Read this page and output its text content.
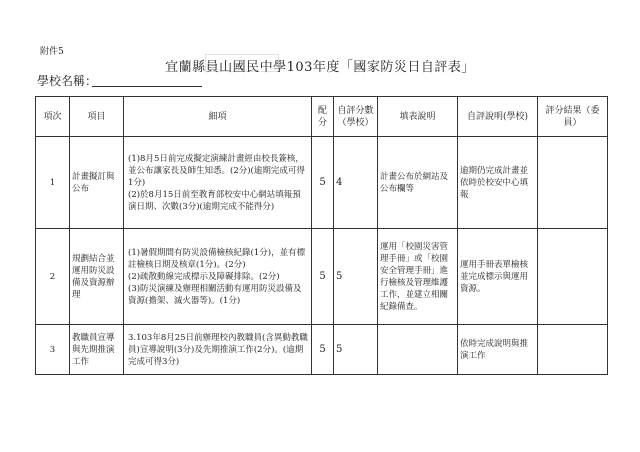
附件5
宜蘭縣員山國民中學103年度「國家防災日自評表」
學校名稱：
項次	項目	細項	配分	自評分數（學校）	填表說明	自評說明(學校)	評分結果（委員）
1	計畫擬訂與公布	(1)8月5日前完成擬定演練計畫經由校長簽核，並公布讓家長及師生知悉。(2分)(逾期完成可得1分)
(2)於8月15日前至教育部校安中心網站填報預演日期、次數(3分)(逾期完成不能得分)	5	4	計畫公布於網站及公布欄等	逾期仍完成計畫並依時於校安中心填報	
2	規劃結合並運用防災設備及資源辦理	(1)暑假期間有防災設備檢核紀錄(1分)，並有標註檢核日期及核章(1分)。(2分)
(2)疏散動線完成標示及障礙排除。(2分)
(3)防災演練及辦理相關活動有運用防災設備及資源(擔架、滅火器等)。(1分)	5	5	運用「校園災害管理手冊」或「校園安全管理手冊」進行檢核及管理維護工作，並建立相關紀錄備查。	運用手冊表單檢核並完成標示與運用資源。	
3	教職員宣導與先期推演工作	3.103年8月25日前辦理校內教職員(含異動教職員)宣導說明(3分)及先期推演工作(2分)。(逾期完成可得3分)	5	5		依時完成說明與推演工作	
